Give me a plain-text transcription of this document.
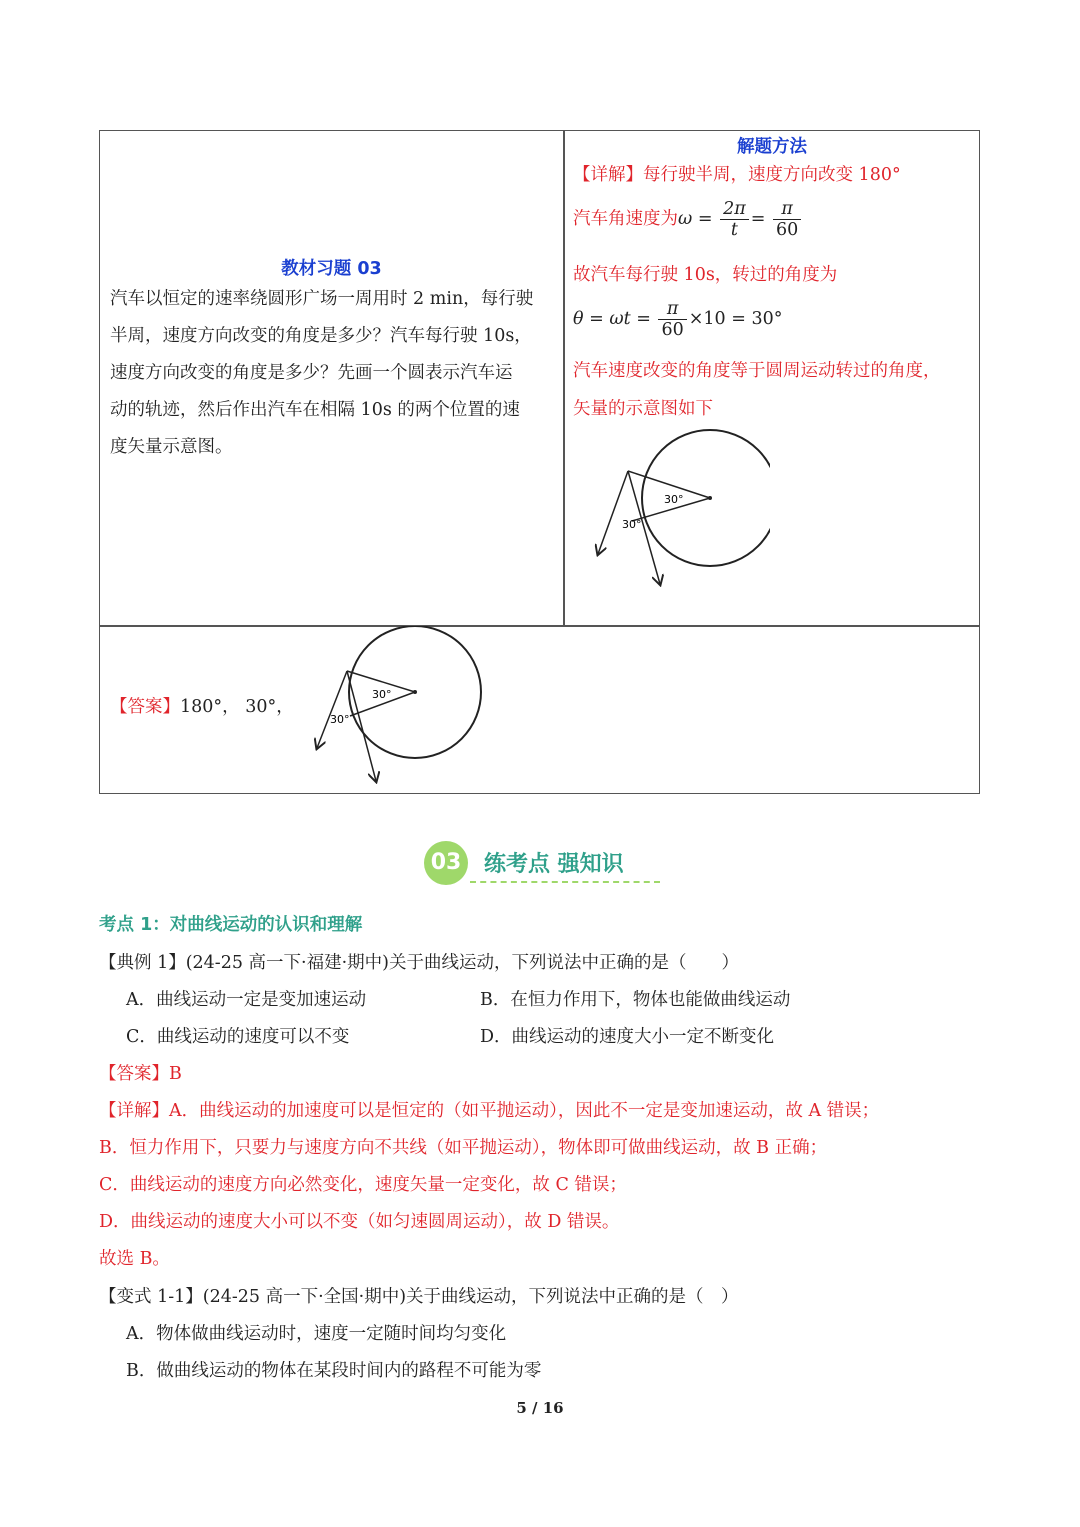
教材习题 03
汽车以恒定的速率绕圆形广场一周用时 2 min，每行驶
半周，速度方向改变的角度是多少？汽车每行驶 10s，
速度方向改变的角度是多少？先画一个圆表示汽车运
动的轨迹，然后作出汽车在相隔 10s 的两个位置的速
度矢量示意图。
解题方法
【详解】每行驶半周，速度方向改变 180°
汽车角速度为$\omega = \frac{2\pi}{t} = \frac{\pi}{60}$
故汽车每行驶 10s，转过的角度为
$\theta = \omega t = \frac{\pi}{60} \times 10 = 30^\circ$
汽车速度改变的角度等于圆周运动转过的角度，
矢量的示意图如下
30°
30°
【答案】180°， 30°，
30°
30°
03	练考点 强知识
考点 1：对曲线运动的认识和理解
【典例 1】(24-25 高一下·福建·期中)关于曲线运动，下列说法中正确的是（　　）
A．曲线运动一定是变加速运动	B．在恒力作用下，物体也能做曲线运动
C．曲线运动的速度可以不变	D．曲线运动的速度大小一定不断变化
【答案】B
【详解】A．曲线运动的加速度可以是恒定的（如平抛运动），因此不一定是变加速运动，故 A 错误；
B．恒力作用下，只要力与速度方向不共线（如平抛运动），物体即可做曲线运动，故 B 正确；
C．曲线运动的速度方向必然变化，速度矢量一定变化，故 C 错误；
D．曲线运动的速度大小可以不变（如匀速圆周运动），故 D 错误。
故选 B。
【变式 1-1】(24-25 高一下·全国·期中)关于曲线运动，下列说法中正确的是（　）
A．物体做曲线运动时，速度一定随时间均匀变化
B．做曲线运动的物体在某段时间内的路程不可能为零
5 / 16
